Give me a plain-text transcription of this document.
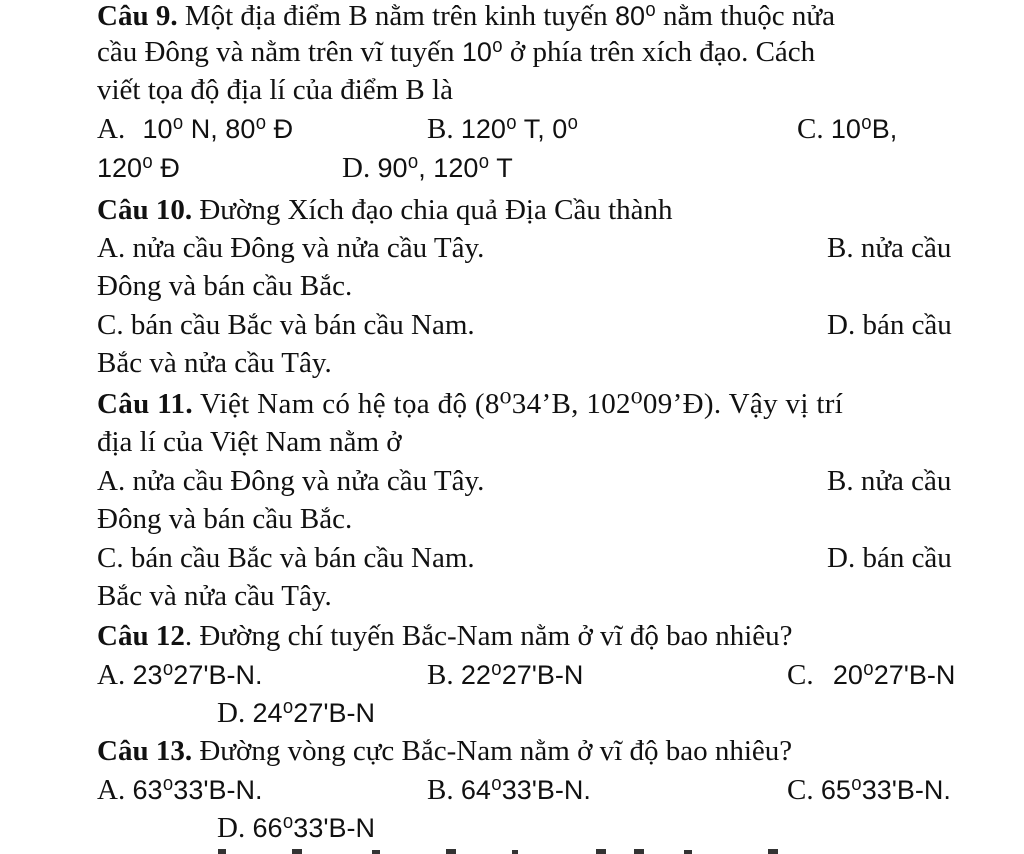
Câu 9. Một địa điểm B nằm trên kinh tuyến 80⁰ nằm thuộc nửa
cầu Đông và nằm trên vĩ tuyến 10⁰ ở phía trên xích đạo. Cách
viết tọa độ địa lí của điểm B là
A. 10⁰ N, 80⁰ Đ	B. 120⁰ T, 0⁰	C. 10⁰B,
120⁰ Đ	D. 90⁰, 120⁰ T
Câu 10. Đường Xích đạo chia quả Địa Cầu thành
A. nửa cầu Đông và nửa cầu Tây.	B. nửa cầu
Đông và bán cầu Bắc.
C. bán cầu Bắc và bán cầu Nam.	D. bán cầu
Bắc và nửa cầu Tây.
Câu 11. Việt Nam có hệ tọa độ (8⁰34’B, 102⁰09’Đ). Vậy vị trí
địa lí của Việt Nam nằm ở
A. nửa cầu Đông và nửa cầu Tây.	B. nửa cầu
Đông và bán cầu Bắc.
C. bán cầu Bắc và bán cầu Nam.	D. bán cầu
Bắc và nửa cầu Tây.
Câu 12. Đường chí tuyến Bắc-Nam nằm ở vĩ độ bao nhiêu?
A. 23⁰27'B-N.	B. 22⁰27'B-N	C. 20⁰27'B-N
D. 24⁰27'B-N
Câu 13. Đường vòng cực Bắc-Nam nằm ở vĩ độ bao nhiêu?
A. 63⁰33'B-N.	B. 64⁰33'B-N.	C. 65⁰33'B-N.
D. 66⁰33'B-N
